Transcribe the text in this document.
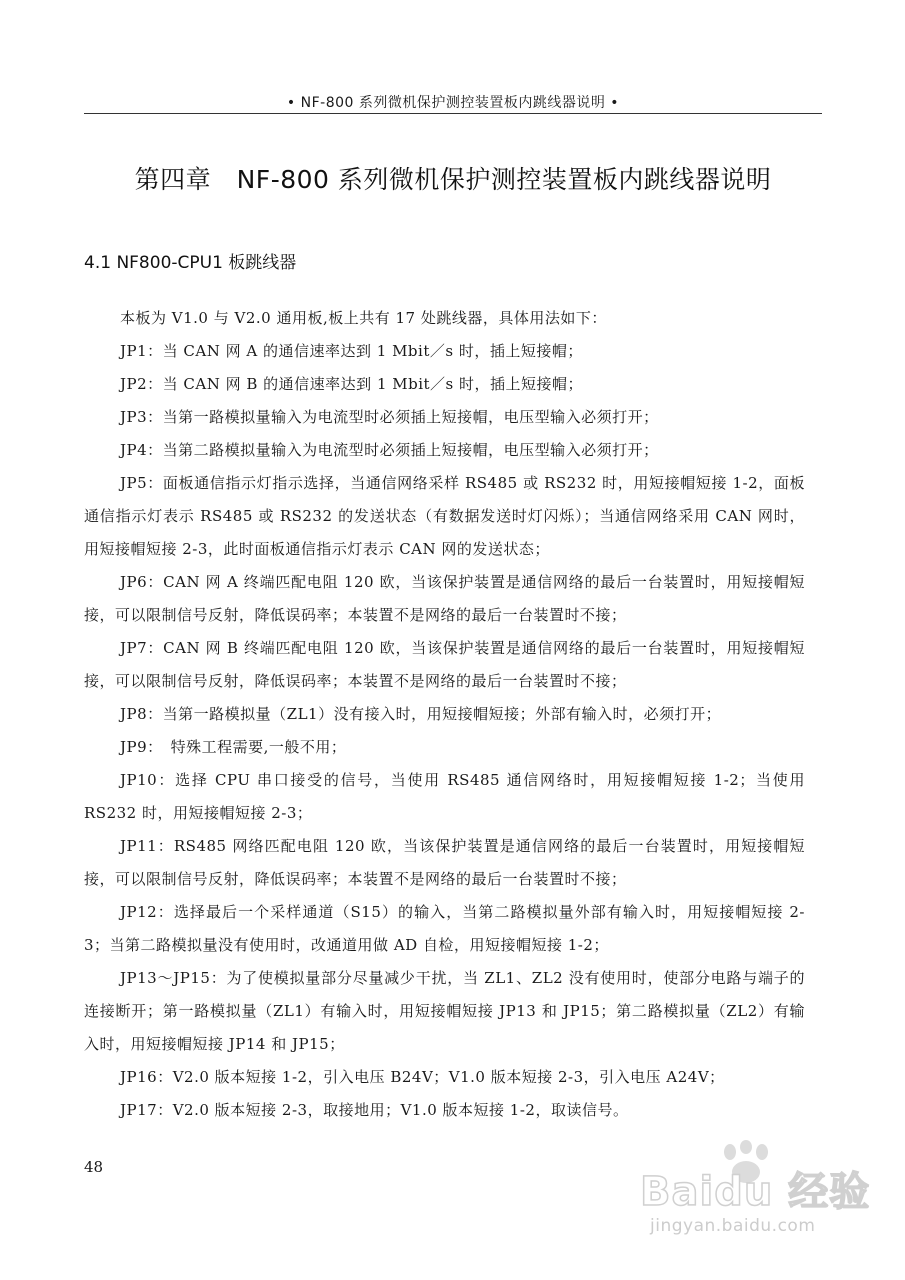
• NF-800 系列微机保护测控装置板内跳线器说明 •
第四章　NF-800 系列微机保护测控装置板内跳线器说明
4.1 NF800-CPU1 板跳线器

本板为 V1.0 与 V2.0 通用板,板上共有 17 处跳线器，具体用法如下：

JP1：当 CAN 网 A 的通信速率达到 1 Mbit／s 时，插上短接帽；

JP2：当 CAN 网 B 的通信速率达到 1 Mbit／s 时，插上短接帽；

JP3：当第一路模拟量输入为电流型时必须插上短接帽，电压型输入必须打开；

JP4：当第二路模拟量输入为电流型时必须插上短接帽，电压型输入必须打开；

JP5：面板通信指示灯指示选择，当通信网络采样 RS485 或 RS232 时，用短接帽短接 1-2，面板通信指示灯表示 RS485 或 RS232 的发送状态（有数据发送时灯闪烁）；当通信网络采用 CAN 网时，用短接帽短接 2-3，此时面板通信指示灯表示 CAN 网的发送状态；

JP6：CAN 网 A 终端匹配电阻 120 欧，当该保护装置是通信网络的最后一台装置时，用短接帽短接，可以限制信号反射，降低误码率；本装置不是网络的最后一台装置时不接；

JP7：CAN 网 B 终端匹配电阻 120 欧，当该保护装置是通信网络的最后一台装置时，用短接帽短接，可以限制信号反射，降低误码率；本装置不是网络的最后一台装置时不接；

JP8：当第一路模拟量（ZL1）没有接入时，用短接帽短接；外部有输入时，必须打开；

JP9：　特殊工程需要,一般不用；

JP10：选择 CPU 串口接受的信号，当使用 RS485 通信网络时，用短接帽短接 1-2；当使用 RS232 时，用短接帽短接 2-3；

JP11：RS485 网络匹配电阻 120 欧，当该保护装置是通信网络的最后一台装置时，用短接帽短接，可以限制信号反射，降低误码率；本装置不是网络的最后一台装置时不接；

JP12：选择最后一个采样通道（S15）的输入，当第二路模拟量外部有输入时，用短接帽短接 2-3；当第二路模拟量没有使用时，改通道用做 AD 自检，用短接帽短接 1-2；

JP13～JP15：为了使模拟量部分尽量减少干扰，当 ZL1、ZL2 没有使用时，使部分电路与端子的连接断开；第一路模拟量（ZL1）有输入时，用短接帽短接 JP13 和 JP15；第二路模拟量（ZL2）有输入时，用短接帽短接 JP14 和 JP15；

JP16：V2.0 版本短接 1-2，引入电压 B24V；V1.0 版本短接 2-3，引入电压 A24V；

JP17：V2.0 版本短接 2-3，取接地用；V1.0 版本短接 1-2，取读信号。

48
Baidu 经验
jingyan.baidu.com
